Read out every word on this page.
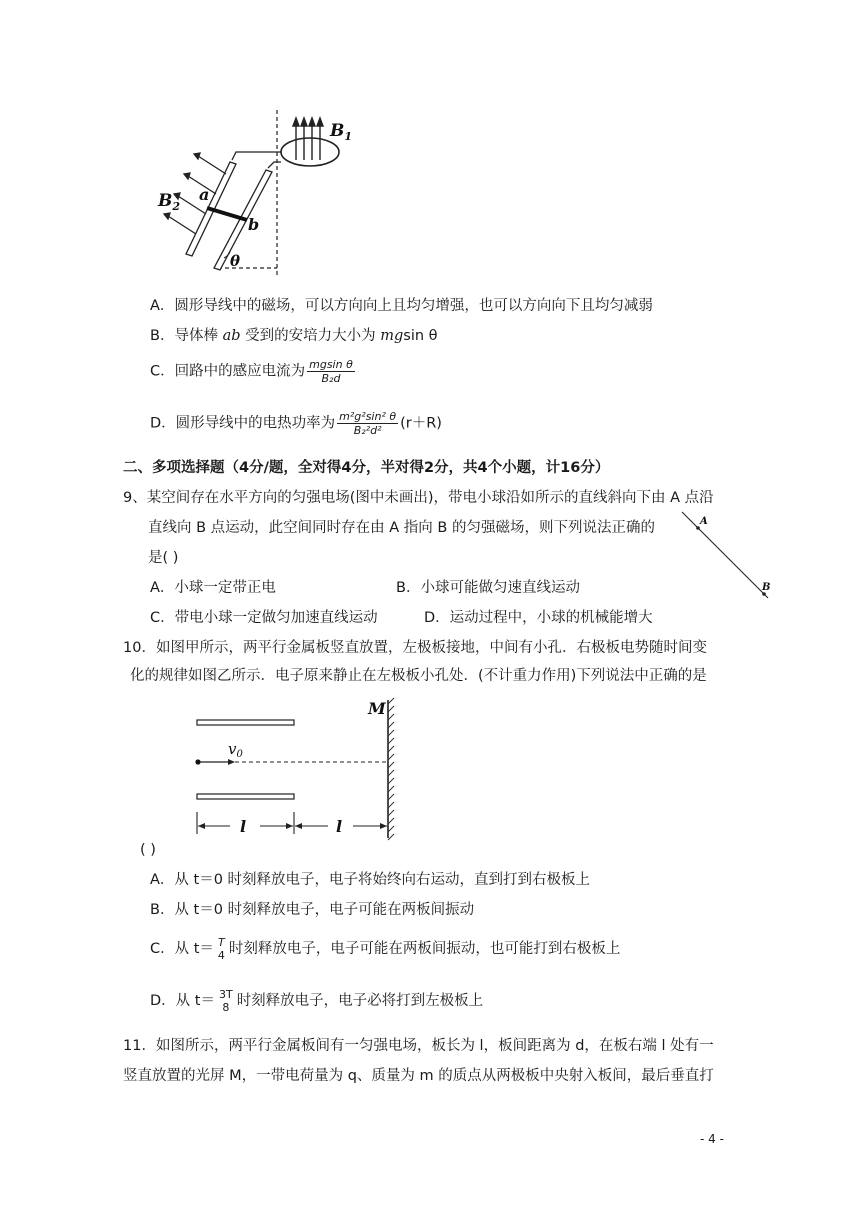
$B_1$
$B_2$
a
b
θ
A．圆形导线中的磁场，可以方向向上且均匀增强，也可以方向向下且均匀减弱
B．导体棒 ab 受到的安培力大小为 mgsin θ
C．回路中的感应电流为 $\frac{\text{mgsin θ}}{\text{B₂d}}$
D．圆形导线中的电热功率为 $\frac{\text{m²g²sin² θ}}{\text{B₂²d²}} (r+R)$
二、多项选择题（4分/题，全对得4分，半对得2分，共4个小题，计16分）
9、某空间存在水平方向的匀强电场(图中未画出)，带电小球沿如所示的直线斜向下由 A 点沿
直线向 B 点运动，此空间同时存在由 A 指向 B 的匀强磁场，则下列说法正确的
是( )
A．小球一定带正电	B．小球可能做匀速直线运动
C．带电小球一定做匀加速直线运动	D．运动过程中，小球的机械能增大
A
B
10．如图甲所示，两平行金属板竖直放置，左极板接地，中间有小孔．右极板电势随时间变
化的规律如图乙所示．电子原来静止在左极板小孔处．(不计重力作用)下列说法中正确的是
M
$v_0$
l	l
( )
A．从 t＝0 时刻释放电子，电子将始终向右运动，直到打到右极板上
B．从 t＝0 时刻释放电子，电子可能在两板间振动
C．从 t＝ T
4 时刻释放电子，电子可能在两板间振动，也可能打到右极板上
D．从 t＝ 3T
8 时刻释放电子，电子必将打到左极板上
11．如图所示，两平行金属板间有一匀强电场，板长为 l，板间距离为 d，在板右端 l 处有一
竖直放置的光屏 M，一带电荷量为 q、质量为 m 的质点从两极板中央射入板间，最后垂直打
- 4 -
